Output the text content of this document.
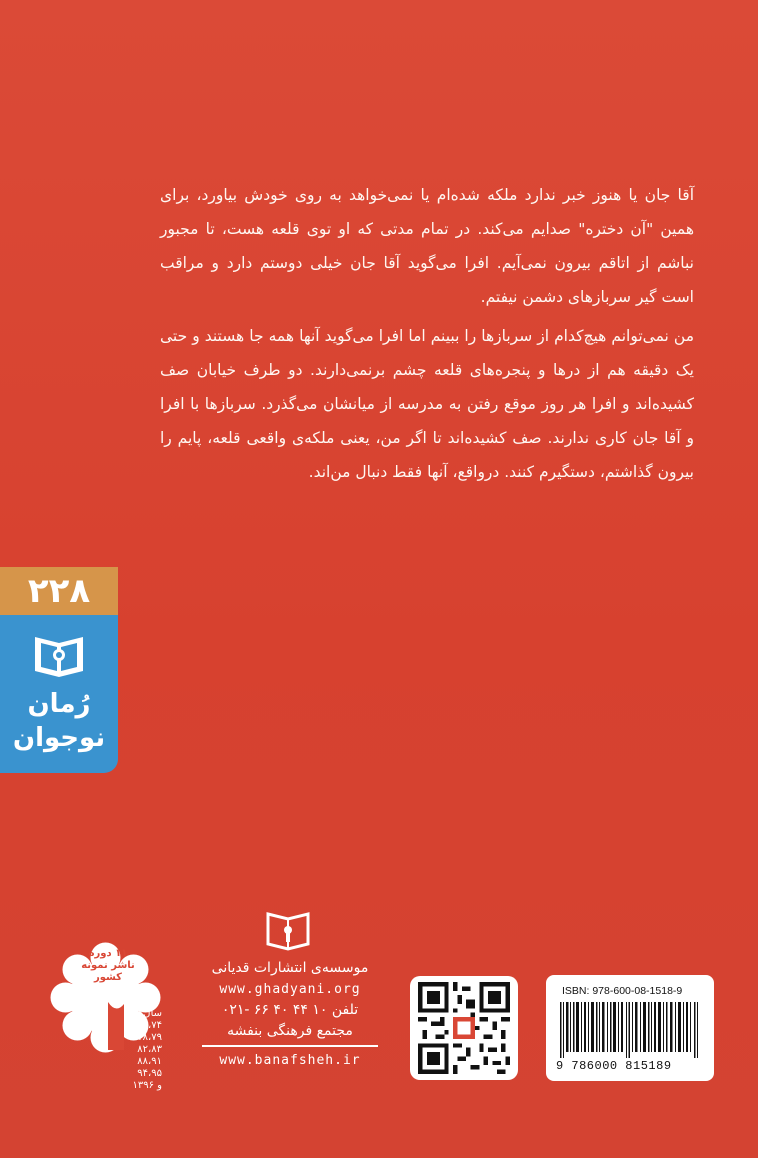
آقا جان یا هنوز خبر ندارد ملکه شده‌ام یا نمی‌خواهد به روی خودش بیاورد، برای همین "آن دختره" صدایم می‌کند. در تمام مدتی که او توی قلعه هست، تا مجبور نباشم از اتاقم بیرون نمی‌آیم. افرا می‌گوید آقا جان خیلی دوستم دارد و مراقب است گیر سربازهای دشمن نیفتم.

من نمی‌توانم هیچ‌کدام از سربازها را ببینم اما افرا می‌گوید آنها همه جا هستند و حتی یک دقیقه هم از درها و پنجره‌های قلعه چشم برنمی‌دارند. دو طرف خیابان صف کشیده‌اند و افرا هر روز موقع رفتن به مدرسه از میانشان می‌گذرد. سربازها با افرا و آقا جان کاری ندارند. صف کشیده‌اند تا اگر من، یعنی ملکه‌ی واقعی قلعه، پایم را بیرون گذاشتم، دستگیرم کنند. درواقع، آنها فقط دنبال من‌اند.

۲۲۸
رُمان
نوجوان
۱۱ دوره
ناشر نمونه
کشور
سال‌های
۷۲،۷۴
۷۸،۷۹
۸۲،۸۳
۸۸،۹۱
۹۴،۹۵
و ۱۳۹۶
موسسه‌ی انتشارات قدیانی
www.ghadyani.org
تلفن ۱۰ ۴۴ ۴۰ ۶۶ -۰۲۱
مجتمع فرهنگی بنفشه
www.banafsheh.ir
ISBN: 978-600-08-1518-9
9 786000 815189
